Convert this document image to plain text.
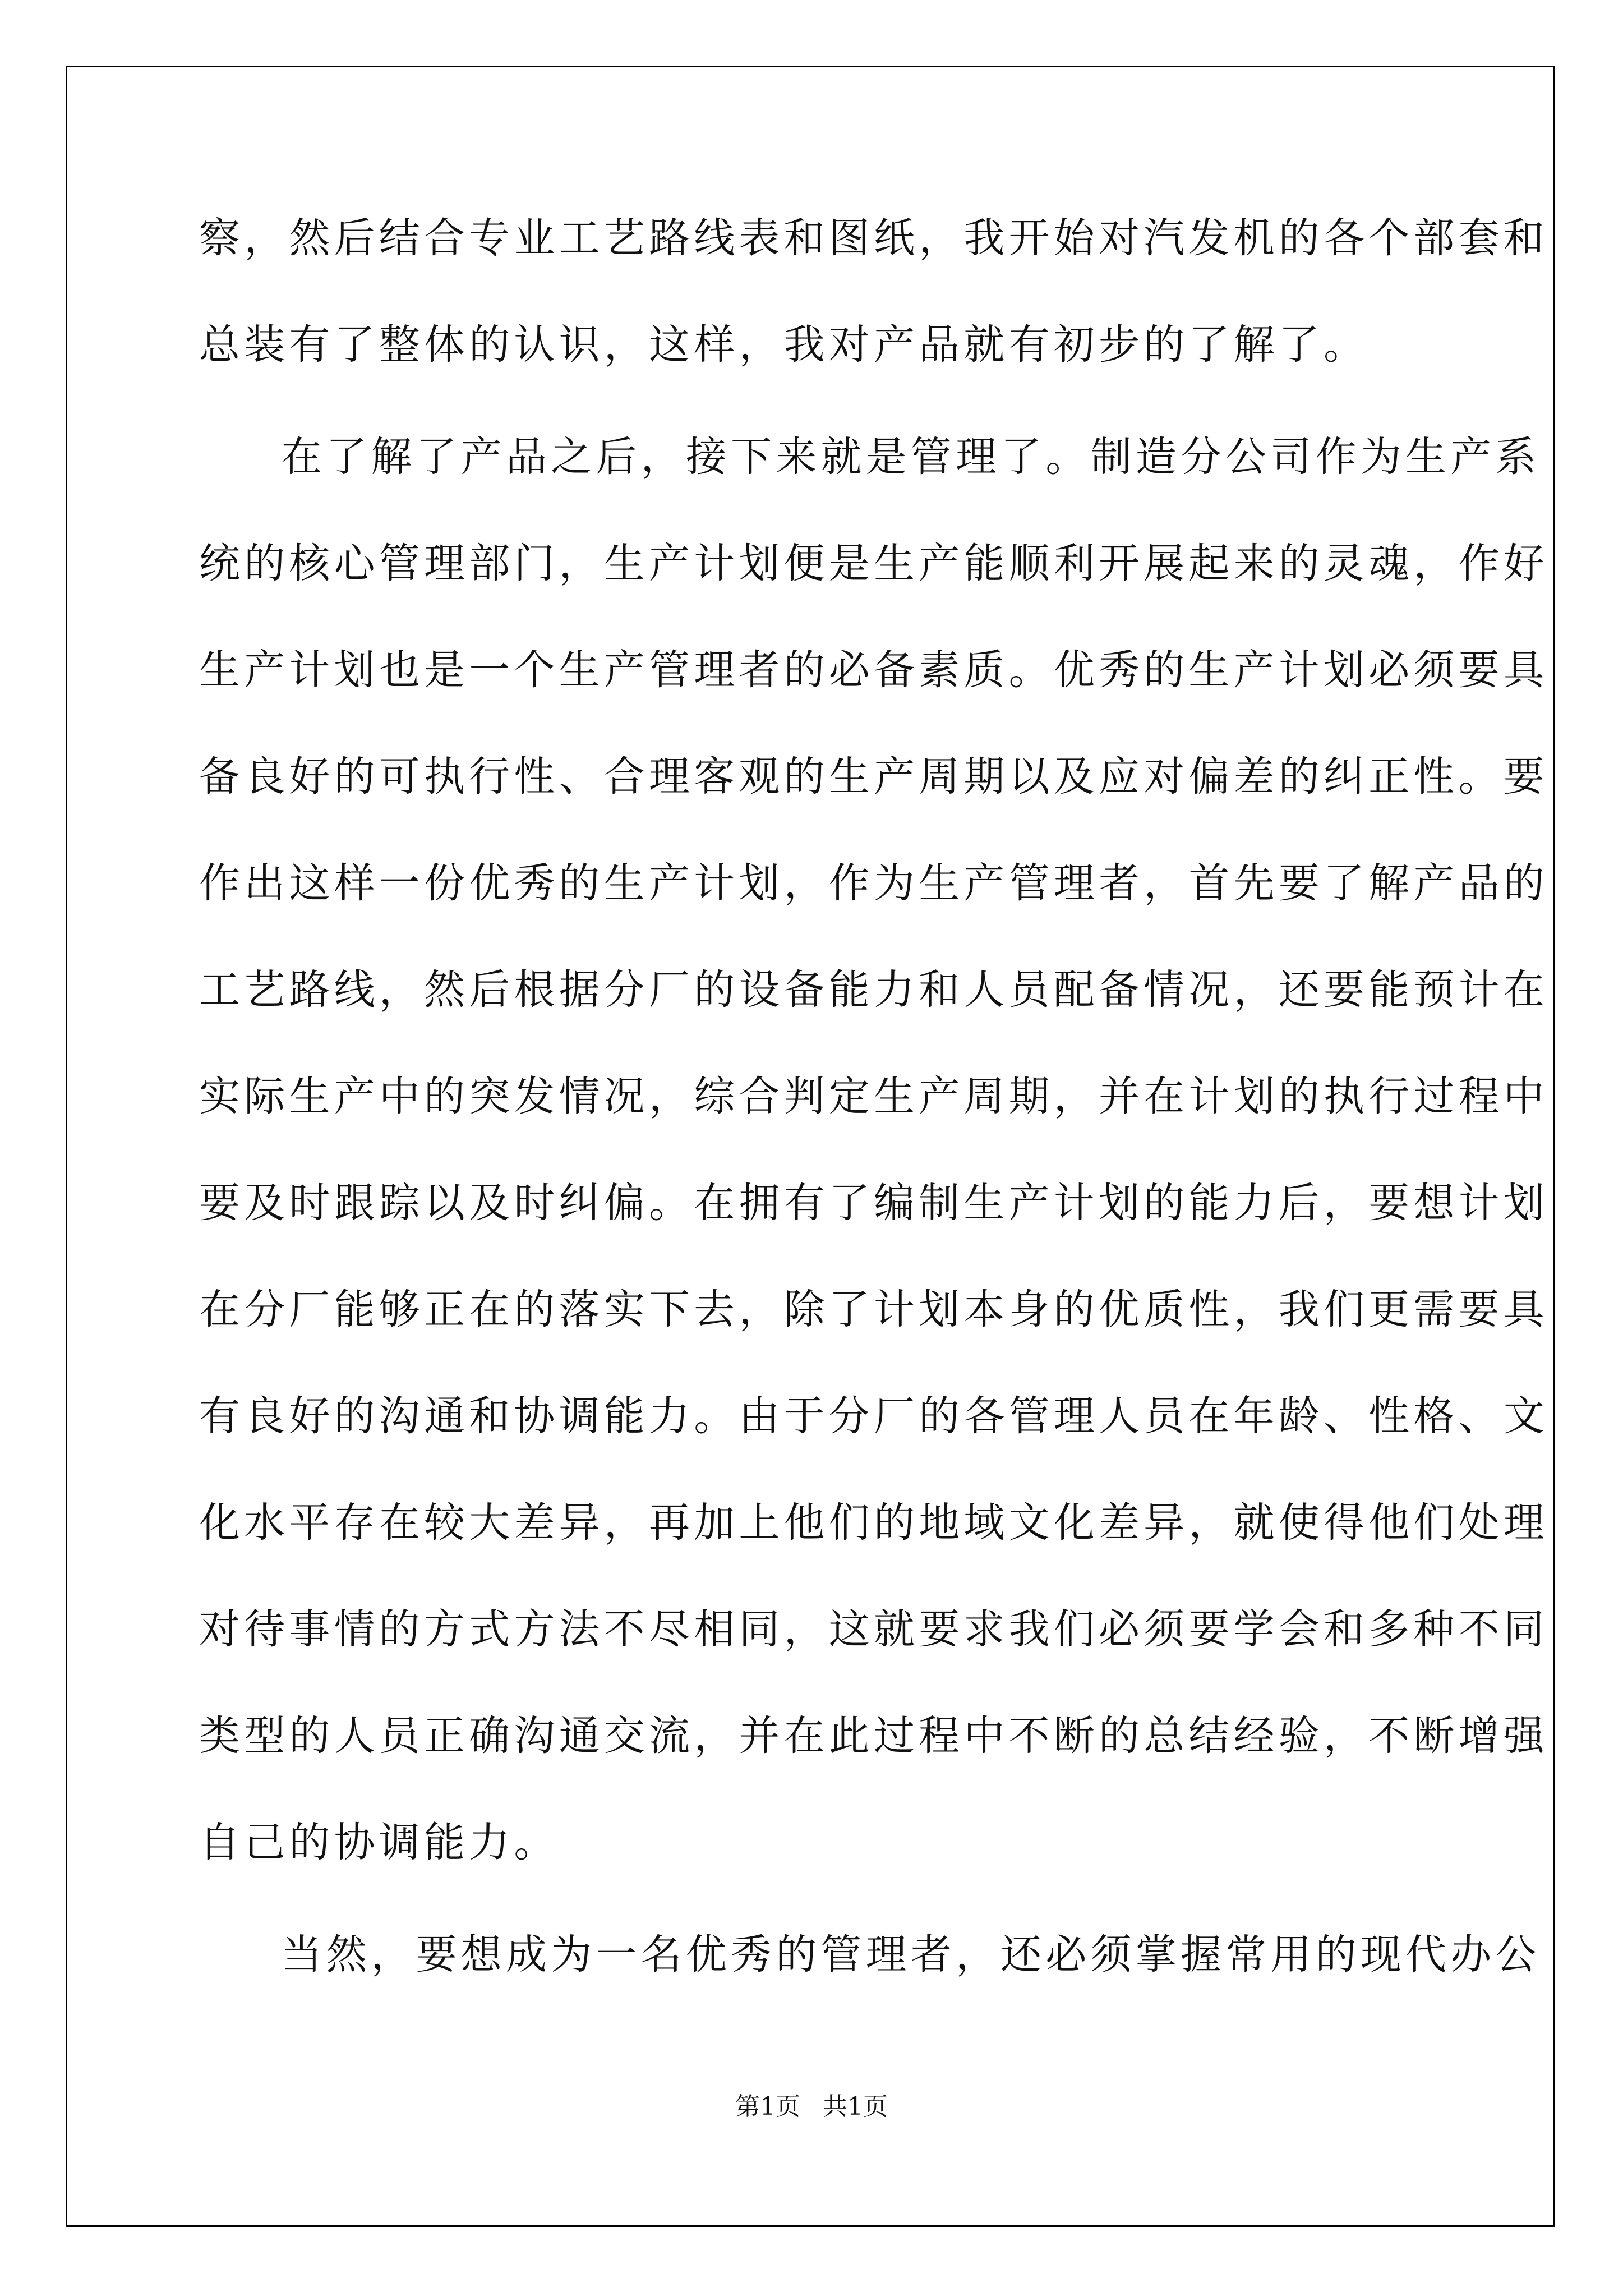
察，然后结合专业工艺路线表和图纸，我开始对汽发机的各个部套和
总装有了整体的认识，这样，我对产品就有初步的了解了。
在了解了产品之后，接下来就是管理了。制造分公司作为生产系
统的核心管理部门，生产计划便是生产能顺利开展起来的灵魂，作好
生产计划也是一个生产管理者的必备素质。优秀的生产计划必须要具
备良好的可执行性、合理客观的生产周期以及应对偏差的纠正性。要
作出这样一份优秀的生产计划，作为生产管理者，首先要了解产品的
工艺路线，然后根据分厂的设备能力和人员配备情况，还要能预计在
实际生产中的突发情况，综合判定生产周期，并在计划的执行过程中
要及时跟踪以及时纠偏。在拥有了编制生产计划的能力后，要想计划
在分厂能够正在的落实下去，除了计划本身的优质性，我们更需要具
有良好的沟通和协调能力。由于分厂的各管理人员在年龄、性格、文
化水平存在较大差异，再加上他们的地域文化差异，就使得他们处理
对待事情的方式方法不尽相同，这就要求我们必须要学会和多种不同
类型的人员正确沟通交流，并在此过程中不断的总结经验，不断增强
自己的协调能力。
当然，要想成为一名优秀的管理者，还必须掌握常用的现代办公
第1页 共1页
